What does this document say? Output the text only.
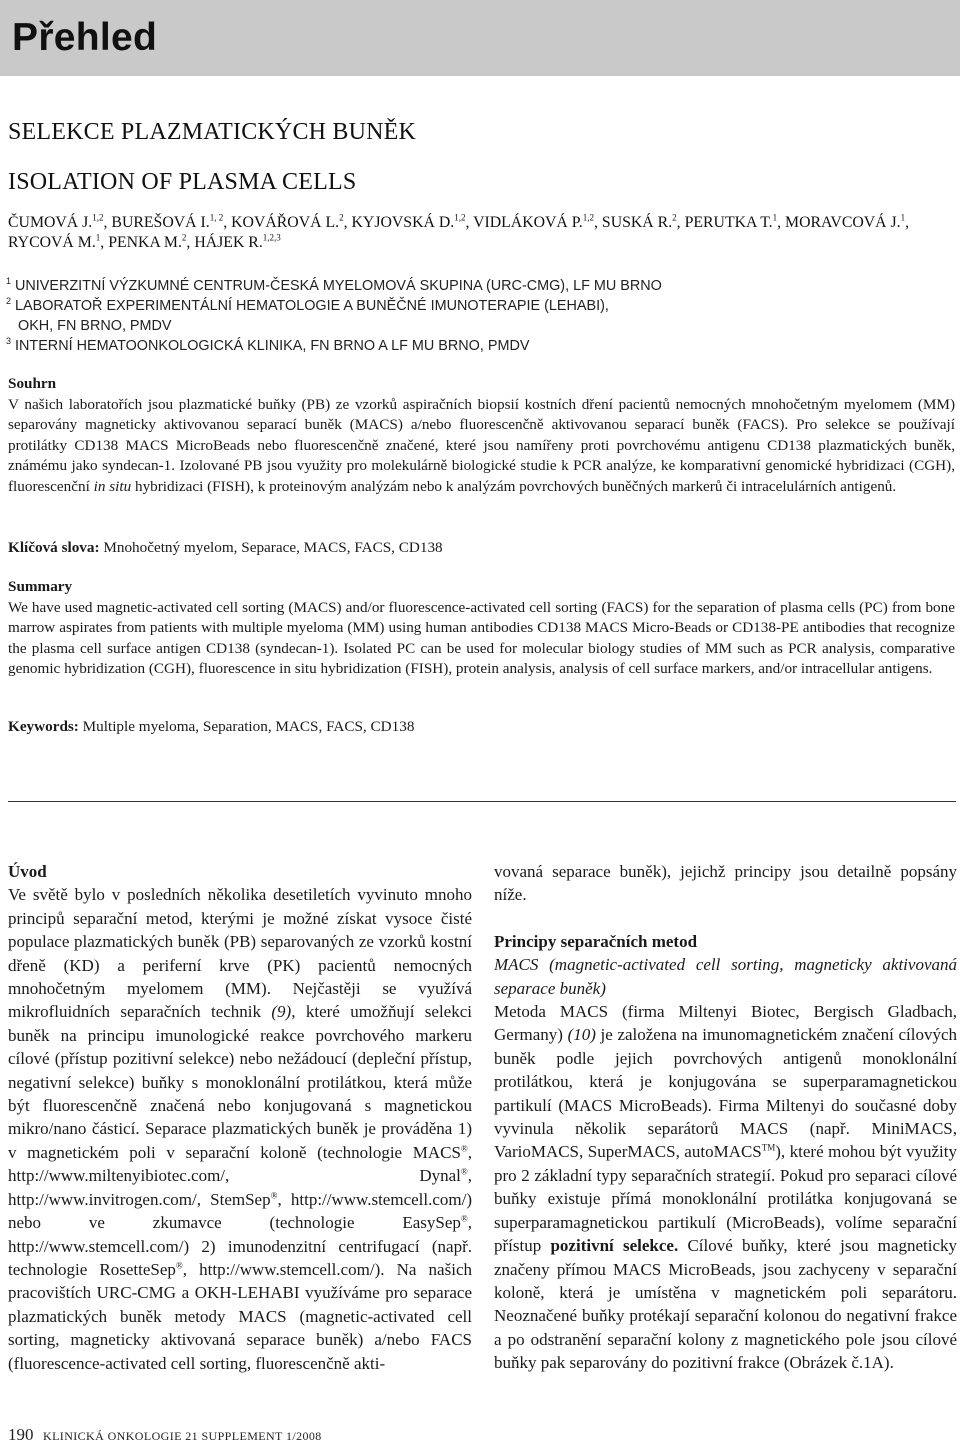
Přehled
SELEKCE PLAZMATICKÝCH BUNĚK
ISOLATION OF PLASMA CELLS
ČUMOVÁ J.$^{1,2}$, BUREŠOVÁ I.$^{1, 2}$, KOVÁŘOVÁ L.$^2$, KYJOVSKÁ D.$^{1,2}$, VIDLÁKOVÁ P.$^{1,2}$, SUSKÁ R.$^2$, PERUTKA T.$^1$, MORAVCOVÁ J.$^1$, RYCOVÁ M.$^1$, PENKA M.$^2$, HÁJEK R.$^{1,2,3}$
$^1$ UNIVERZITNÍ VÝZKUMNÉ CENTRUM-ČESKÁ MYELOMOVÁ SKUPINA (URC-CMG), LF MU BRNO
$^2$ LABORATOŘ EXPERIMENTÁLNÍ HEMATOLOGIE A BUNĚČNÉ IMUNOTERAPIE (LEHABI),
OKH, FN BRNO, PMDV
$^3$ INTERNÍ HEMATOONKOLOGICKÁ KLINIKA, FN BRNO A LF MU BRNO, PMDV
Souhrn
V našich laboratořích jsou plazmatické buňky (PB) ze vzorků aspiračních biopsií kostních dření pacientů nemocných mnohočetným myelomem (MM) separovány magneticky aktivovanou separací buněk (MACS) a/nebo fluorescenčně aktivovanou separací buněk (FACS). Pro selekce se používají protilátky CD138 MACS MicroBeads nebo fluorescenčně značené, které jsou namířeny proti povrchovému antigenu CD138 plazmatických buněk, známému jako syndecan-1. Izolované PB jsou využity pro molekulárně biologické studie k PCR analýze, ke komparativní genomické hybridizaci (CGH), fluorescenční in situ hybridizaci (FISH), k proteinovým analýzám nebo k analýzám povrchových buněčných markerů či intracelulárních antigenů.
Klíčová slova: Mnohočetný myelom, Separace, MACS, FACS, CD138
Summary
We have used magnetic-activated cell sorting (MACS) and/or fluorescence-activated cell sorting (FACS) for the separation of plasma cells (PC) from bone marrow aspirates from patients with multiple myeloma (MM) using human antibodies CD138 MACS Micro-Beads or CD138-PE antibodies that recognize the plasma cell surface antigen CD138 (syndecan-1). Isolated PC can be used for molecular biology studies of MM such as PCR analysis, comparative genomic hybridization (CGH), fluorescence in situ hybridization (FISH), protein analysis, analysis of cell surface markers, and/or intracellular antigens.
Keywords: Multiple myeloma, Separation, MACS, FACS, CD138
Úvod

Ve světě bylo v posledních několika desetiletích vyvinuto mnoho principů separační metod, kterými je možné získat vysoce čisté populace plazmatických buněk (PB) separovaných ze vzorků kostní dřeně (KD) a periferní krve (PK) pacientů nemocných mnohočetným myelomem (MM). Nejčastěji se využívá mikrofluidních separačních technik (9), které umožňují selekci buněk na principu imunologické reakce povrchového markeru cílové (přístup pozitivní selekce) nebo nežádoucí (depleční přístup, negativní selekce) buňky s monoklonální protilátkou, která může být fluorescenčně značená nebo konjugovaná s magnetickou mikro/nano částicí. Separace plazmatických buněk je prováděna 1) v magnetickém poli v separační koloně (technologie MACS®, http://www.miltenyibiotec.com/, Dynal®, http://www.invitrogen.com/, StemSep®, http://www.stemcell.com/) nebo ve zkumavce (technologie EasySep®, http://www.stemcell.com/) 2) imunodenzitní centrifugací (např. technologie RosetteSep®, http://www.stemcell.com/). Na našich pracovištích URC-CMG a OKH-LEHABI využíváme pro separace plazmatických buněk metody MACS (magnetic-activated cell sorting, magneticky aktivovaná separace buněk) a/nebo FACS (fluorescence-activated cell sorting, fluorescenčně akti-

vovaná separace buněk), jejichž principy jsou detailně popsány níže.

Principy separačních metod

MACS (magnetic-activated cell sorting, magneticky aktivovaná separace buněk)

Metoda MACS (firma Miltenyi Biotec, Bergisch Gladbach, Germany) (10) je založena na imunomagnetickém značení cílových buněk podle jejich povrchových antigenů monoklonální protilátkou, která je konjugována se superparamagnetickou partikulí (MACS MicroBeads). Firma Miltenyi do současné doby vyvinula několik separátorů MACS (např. MiniMACS, VarioMACS, SuperMACS, autoMACS™), které mohou být využity pro 2 základní typy separačních strategií. Pokud pro separaci cílové buňky existuje přímá monoklonální protilátka konjugovaná se superparamagnetickou partikulí (MicroBeads), volíme separační přístup pozitivní selekce. Cílové buňky, které jsou magneticky značeny přímou MACS MicroBeads, jsou zachyceny v separační koloně, která je umístěna v magnetickém poli separátoru. Neoznačené buňky protékají separační kolonou do negativní frakce a po odstranění separační kolony z magnetického pole jsou cílové buňky pak separovány do pozitivní frakce (Obrázek č.1A).

190 KLINICKÁ ONKOLOGIE 21 SUPPLEMENT 1/2008
